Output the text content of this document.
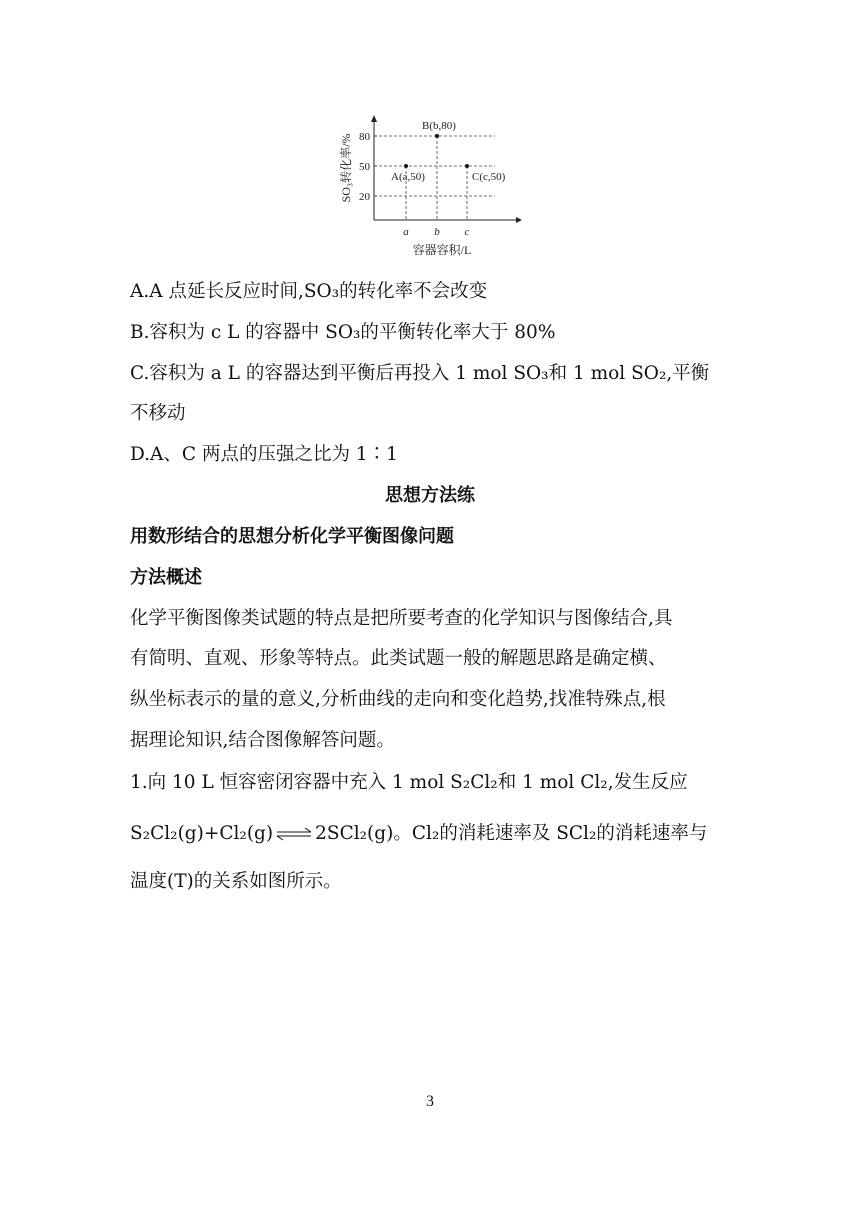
80
50
20
a b c
B(b,80)
A(a,50)	C(c,50)
容器容积/L
SO₃转化率/%
A.A 点延长反应时间,SO₃的转化率不会改变
B.容积为 c L 的容器中 SO₃的平衡转化率大于 80%
C.容积为 a L 的容器达到平衡后再投入 1 mol SO₃和 1 mol SO₂,平衡
不移动
D.A、C 两点的压强之比为 1∶1
思想方法练
用数形结合的思想分析化学平衡图像问题
方法概述
化学平衡图像类试题的特点是把所要考查的化学知识与图像结合,具
有简明、直观、形象等特点。此类试题一般的解题思路是确定横、
纵坐标表示的量的意义,分析曲线的走向和变化趋势,找准特殊点,根
据理论知识,结合图像解答问题。
1.向 10 L 恒容密闭容器中充入 1 mol S₂Cl₂和 1 mol Cl₂,发生反应
S₂Cl₂(g)+Cl₂(g) ⇌ 2SCl₂(g)。Cl₂的消耗速率及 SCl₂的消耗速率与
温度(T)的关系如图所示。
3
